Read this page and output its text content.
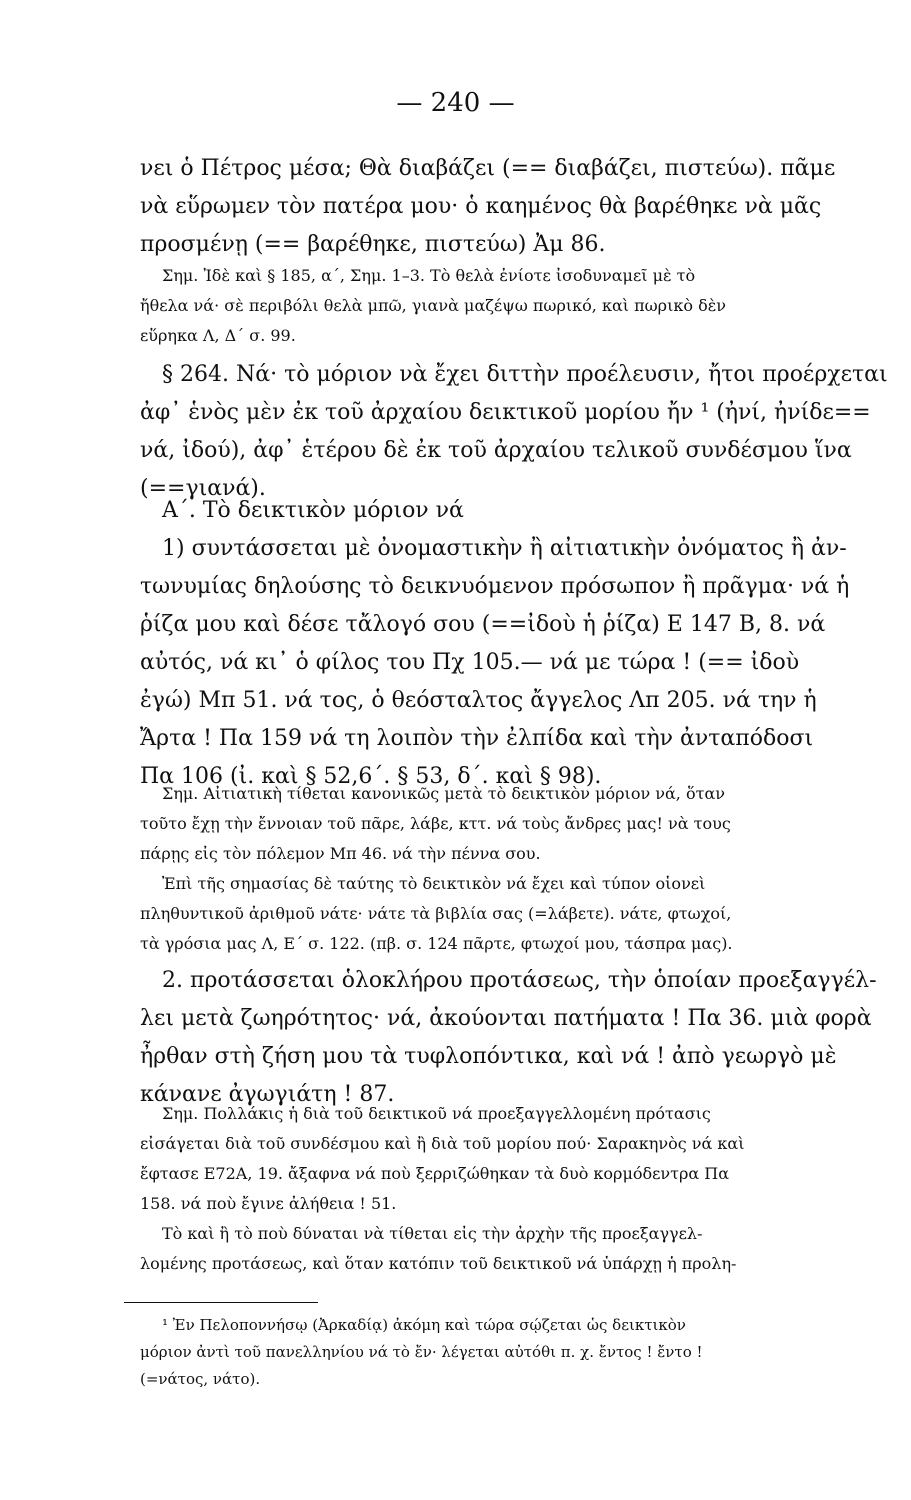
— 240 —
νει ὁ Πέτρος μέσα; Θὰ διαβάζει (== διαβάζει, πιστεύω). πᾶμε
νὰ εὕρωμεν τὸν πατέρα μου· ὁ καημένος θὰ βαρέθηκε νὰ μᾶς
προσμένῃ (== βαρέθηκε, πιστεύω) Ἀμ 86.
Σημ. Ἰδὲ καὶ § 185, α΄, Σημ. 1–3. Τὸ θελὰ ἐνίοτε ἰσοδυναμεῖ μὲ τὸ
ἤθελα νά· σὲ περιβόλι θελὰ μπῶ, γιανὰ μαζέψω πωρικό, καὶ πωρικὸ δὲν
εὕρηκα Λ, Δ΄ σ. 99.
§ 264. Νά· τὸ μόριον νὰ ἔχει διττὴν προέλευσιν, ἤτοι προέρχεται
ἀφ᾿ ἑνὸς μὲν ἐκ τοῦ ἀρχαίου δεικτικοῦ μορίου ἤν ¹ (ἠνί, ἠνίδε==
νά, ἰδού), ἀφ᾿ ἑτέρου δὲ ἐκ τοῦ ἀρχαίου τελικοῦ συνδέσμου ἵνα
(==γιανά).
Α΄. Τὸ δεικτικὸν μόριον νά
1) συντάσσεται μὲ ὀνομαστικὴν ἢ αἰτιατικὴν ὀνόματος ἢ ἀν-
τωνυμίας δηλούσης τὸ δεικνυόμενον πρόσωπον ἢ πρᾶγμα· νά ἡ
ῥίζα μου καὶ δέσε τἄλογό σου (==ἰδοὺ ἡ ῥίζα) Ε 147 Β, 8. νά
αὐτός, νά κι᾿ ὁ φίλος του Πχ 105.— νά με τώρα ! (== ἰδοὺ
ἐγώ) Μπ 51. νά τος, ὁ θεόσταλτος ἄγγελος Λπ 205. νά την ἡ
Ἄρτα ! Πα 159 νά τη λοιπὸν τὴν ἐλπίδα καὶ τὴν ἀνταπόδοσι
Πα 106 (ἰ. καὶ § 52,6΄. § 53, δ΄. καὶ § 98).
Σημ. Αἰτιατικὴ τίθεται κανονικῶς μετὰ τὸ δεικτικὸν μόριον νά, ὅταν
τοῦτο ἔχῃ τὴν ἔννοιαν τοῦ πᾶρε, λάβε, κττ. νά τοὺς ἄνδρες μας! νὰ τους
πάρῃς εἰς τὸν πόλεμον Μπ 46. νά τὴν πέννα σου.
Ἐπὶ τῆς σημασίας δὲ ταύτης τὸ δεικτικὸν νά ἔχει καὶ τύπον οἱονεὶ
πληθυντικοῦ ἀριθμοῦ νάτε· νάτε τὰ βιβλία σας (=λάβετε). νάτε, φτωχοί,
τὰ γρόσια μας Λ, Ε΄ σ. 122. (πβ. σ. 124 πᾶρτε, φτωχοί μου, τάσπρα μας).
2. προτάσσεται ὁλοκλήρου προτάσεως, τὴν ὁποίαν προεξαγγέλ-
λει μετὰ ζωηρότητος· νά, ἀκούονται πατήματα ! Πα 36. μιὰ φορὰ
ἦρθαν στὴ ζήση μου τὰ τυφλοπόντικα, καὶ νά ! ἀπὸ γεωργὸ μὲ
κάνανε ἀγωγιάτη ! 87.
Σημ. Πολλάκις ἡ διὰ τοῦ δεικτικοῦ νά προεξαγγελλομένη πρότασις
εἰσάγεται διὰ τοῦ συνδέσμου καὶ ἢ διὰ τοῦ μορίου πού· Σαρακηνὸς νά καὶ
ἔφτασε Ε72Α, 19. ἄξαφνα νά ποὺ ξερριζώθηκαν τὰ δυὸ κορμόδεντρα Πα
158. νά ποὺ ἔγινε ἀλήθεια ! 51.
Τὸ καὶ ἢ τὸ ποὺ δύναται νὰ τίθεται εἰς τὴν ἀρχὴν τῆς προεξαγγελ-
λομένης προτάσεως, καὶ ὅταν κατόπιν τοῦ δεικτικοῦ νά ὑπάρχῃ ἡ προλη-
¹ Ἐν Πελοποννήσῳ (Ἀρκαδίᾳ) ἀκόμη καὶ τώρα σῴζεται ὡς δεικτικὸν
μόριον ἀντὶ τοῦ πανελληνίου νά τὸ ἔν· λέγεται αὐτόθι π. χ. ἔντος ! ἔντο !
(=νάτος, νάτο).
